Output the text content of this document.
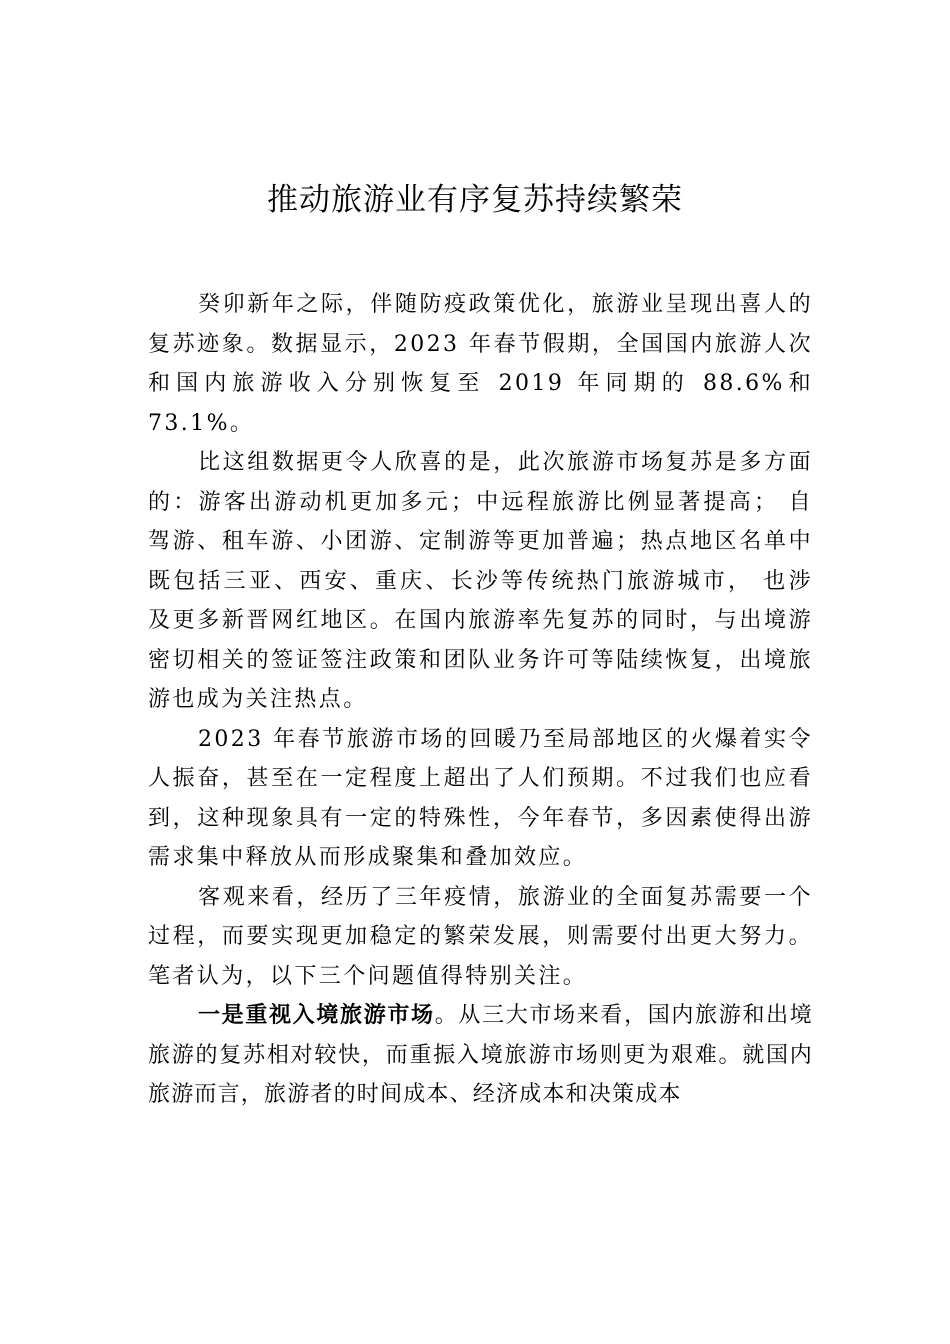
推动旅游业有序复苏持续繁荣

癸卯新年之际，伴随防疫政策优化，旅游业呈现出喜人的复苏迹象。数据显示，2023 年春节假期，全国国内旅游人次和国内旅游收入分别恢复至 2019 年同期的 88.6%和 73.1%。

比这组数据更令人欣喜的是，此次旅游市场复苏是多方面的：游客出游动机更加多元；中远程旅游比例显著提高； 自驾游、租车游、小团游、定制游等更加普遍；热点地区名单中既包括三亚、西安、重庆、长沙等传统热门旅游城市， 也涉及更多新晋网红地区。在国内旅游率先复苏的同时，与出境游密切相关的签证签注政策和团队业务许可等陆续恢复，出境旅游也成为关注热点。

2023 年春节旅游市场的回暖乃至局部地区的火爆着实令人振奋，甚至在一定程度上超出了人们预期。不过我们也应看到，这种现象具有一定的特殊性，今年春节，多因素使得出游需求集中释放从而形成聚集和叠加效应。

客观来看，经历了三年疫情，旅游业的全面复苏需要一个过程，而要实现更加稳定的繁荣发展，则需要付出更大努力。笔者认为，以下三个问题值得特别关注。

一是重视入境旅游市场。从三大市场来看，国内旅游和出境旅游的复苏相对较快，而重振入境旅游市场则更为艰难。就国内旅游而言，旅游者的时间成本、经济成本和决策成本
